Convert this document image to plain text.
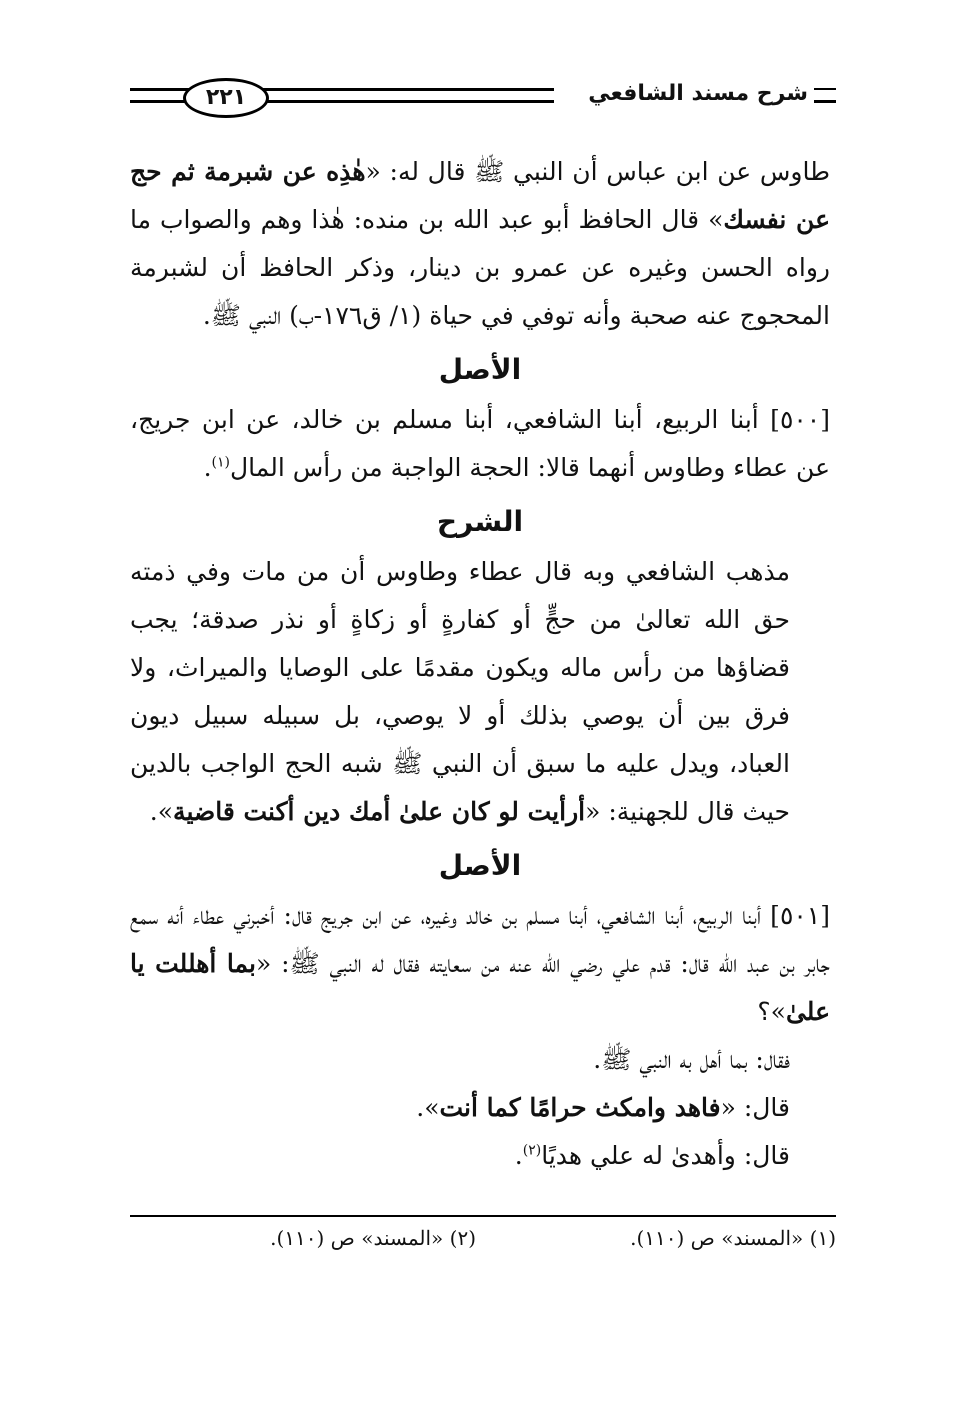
شرح مسند الشافعي
٢٢١

طاوس عن ابن عباس أن النبي ﷺ قال له: «هٰذِه عن شبرمة ثم حج عن نفسك» قال الحافظ أبو عبد الله بن منده: هٰذا وهم والصواب ما رواه الحسن وغيره عن عمرو بن دينار، وذكر الحافظ أن لشبرمة المحجوج عنه صحبة وأنه توفي في حياة (١/ ق١٧٦-ب) النبي ﷺ.

الأصل

[٥٠٠] أبنا الربيع، أبنا الشافعي، أبنا مسلم بن خالد، عن ابن جريج، عن عطاء وطاوس أنهما قالا: الحجة الواجبة من رأس المال$^{(١)}$.

الشرح

مذهب الشافعي وبه قال عطاء وطاوس أن من مات وفي ذمته حق الله تعالىٰ من حجٍّ أو كفارةٍ أو زكاةٍ أو نذر صدقة؛ يجب قضاؤها من رأس ماله ويكون مقدمًا على الوصايا والميراث، ولا فرق بين أن يوصي بذلك أو لا يوصي، بل سبيله سبيل ديون العباد، ويدل عليه ما سبق أن النبي ﷺ شبه الحج الواجب بالدين حيث قال للجهنية: «أرأيت لو كان علىٰ أمك دين أكنت قاضية».

الأصل

[٥٠١] أبنا الربيع، أبنا الشافعي، أبنا مسلم بن خالد وغيره، عن ابن جريج قال: أخبرني عطاء أنه سمع جابر بن عبد الله قال: قدم علي رضي الله عنه من سعايته فقال له النبي ﷺ: «بما أهللت يا علىٰ»؟

فقال: بما أهل به النبي ﷺ.

قال: «فاهد وامكث حرامًا كما أنت».

قال: وأهدىٰ له علي هديًا$^{(٢)}$.

(١) «المسند» ص (١١٠).
(٢) «المسند» ص (١١٠).
